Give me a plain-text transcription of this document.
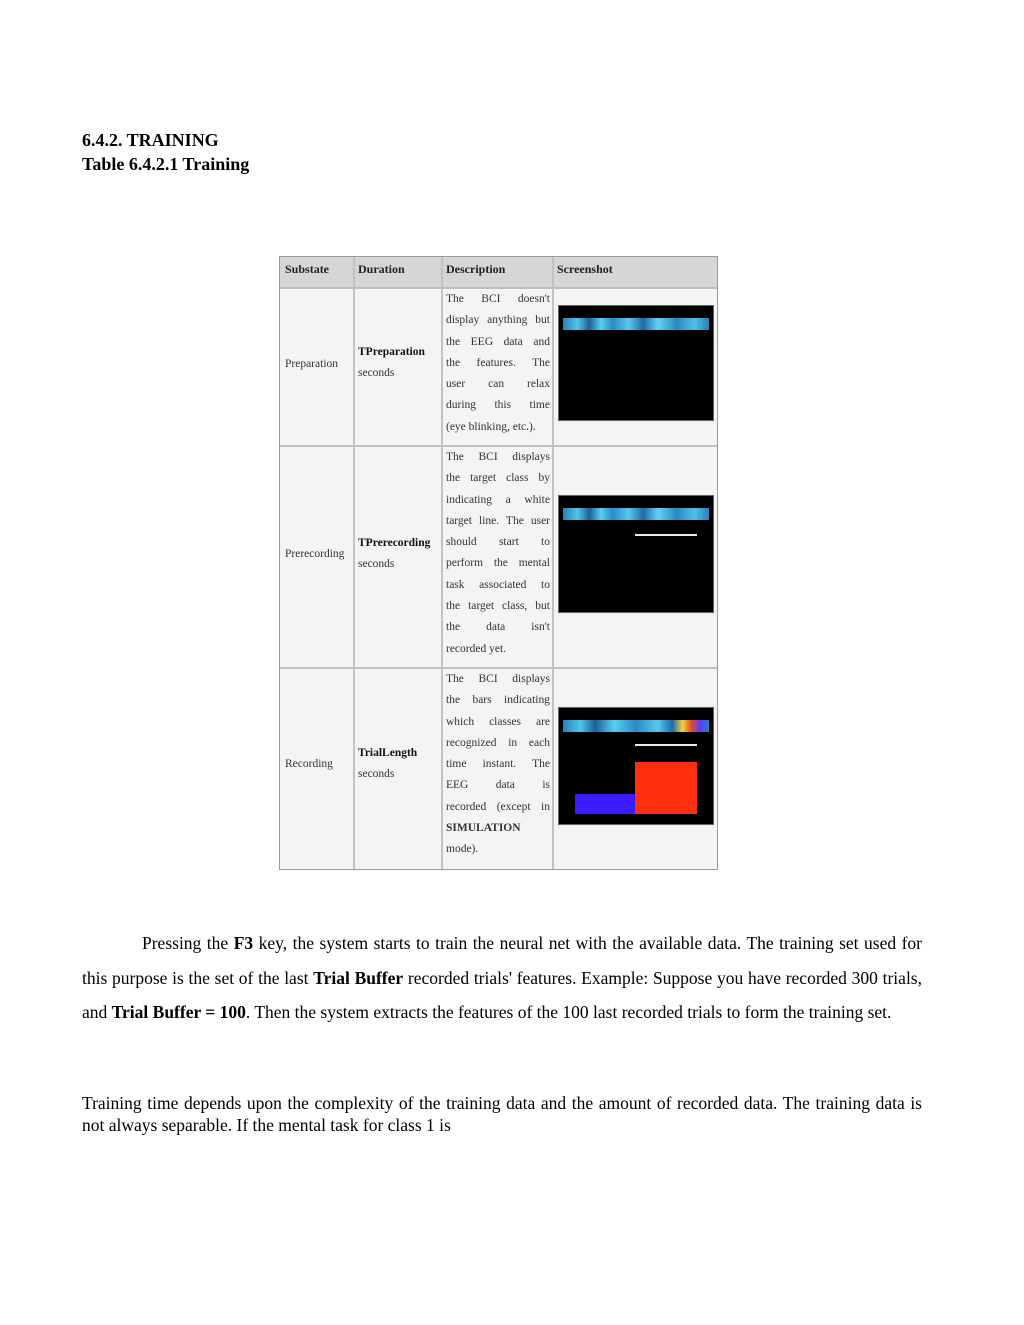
6.4.2. TRAINING
Table 6.4.2.1 Training
Substate Duration	Description	Screenshot
Preparation
TPreparation
seconds
The BCI doesn't
display anything but
the EEG data and
the features. The
user can relax
during this time
(eye blinking, etc.).
Prerecording
TPrerecording
seconds
The BCI displays
the target class by
indicating a white
target line. The user
should start to
perform the mental
task associated to
the target class, but
the data isn't
recorded yet.
Recording
TrialLength
seconds
The BCI displays
the bars indicating
which classes are
recognized in each
time instant. The
EEG data is
recorded (except in
SIMULATION
mode).
Pressing the F3 key, the system starts to train the neural net with the available data. The training set used for this purpose is the set of the last Trial Buffer recorded trials' features. Example: Suppose you have recorded 300 trials, and Trial Buffer = 100. Then the system extracts the features of the 100 last recorded trials to form the training set.
Training time depends upon the complexity of the training data and the amount of recorded data. The training data is not always separable. If the mental task for class 1 is
